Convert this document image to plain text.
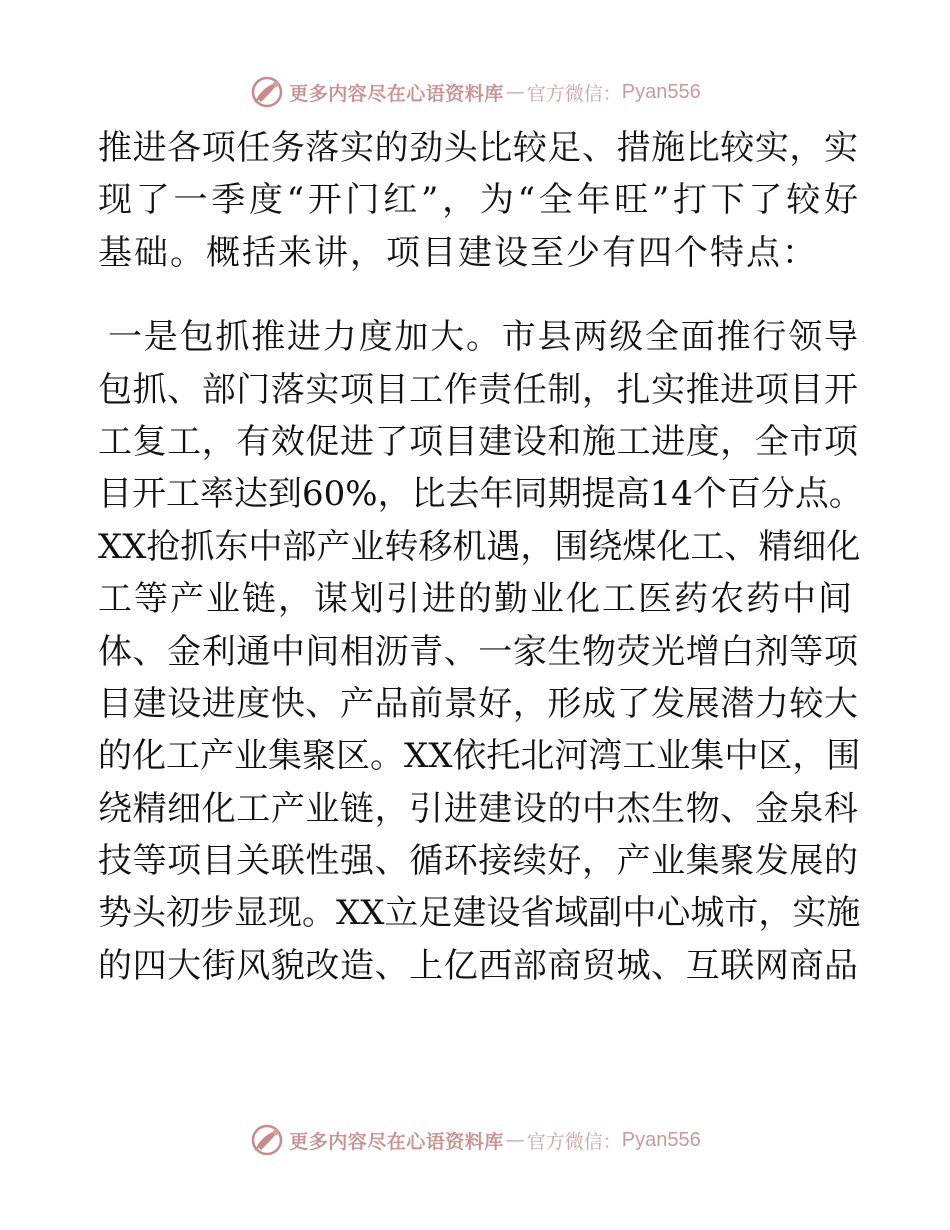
更多内容尽在心语资料库 — 官方微信： Pyan556
推进各项任务落实的劲头比较足、措施比较实，实
现了一季度“开门红”，为“全年旺”打下了较好
基础。概括来讲，项目建设至少有四个特点：
一是包抓推进力度加大。市县两级全面推行领导
包抓、部门落实项目工作责任制，扎实推进项目开
工复工，有效促进了项目建设和施工进度，全市项
目开工率达到60%，比去年同期提高14个百分点。
XX抢抓东中部产业转移机遇，围绕煤化工、精细化
工等产业链，谋划引进的勤业化工医药农药中间
体、金利通中间相沥青、一家生物荧光增白剂等项
目建设进度快、产品前景好，形成了发展潜力较大
的化工产业集聚区。XX依托北河湾工业集中区，围
绕精细化工产业链，引进建设的中杰生物、金泉科
技等项目关联性强、循环接续好，产业集聚发展的
势头初步显现。XX立足建设省域副中心城市，实施
的四大街风貌改造、上亿西部商贸城、互联网商品
更多内容尽在心语资料库 — 官方微信： Pyan556
